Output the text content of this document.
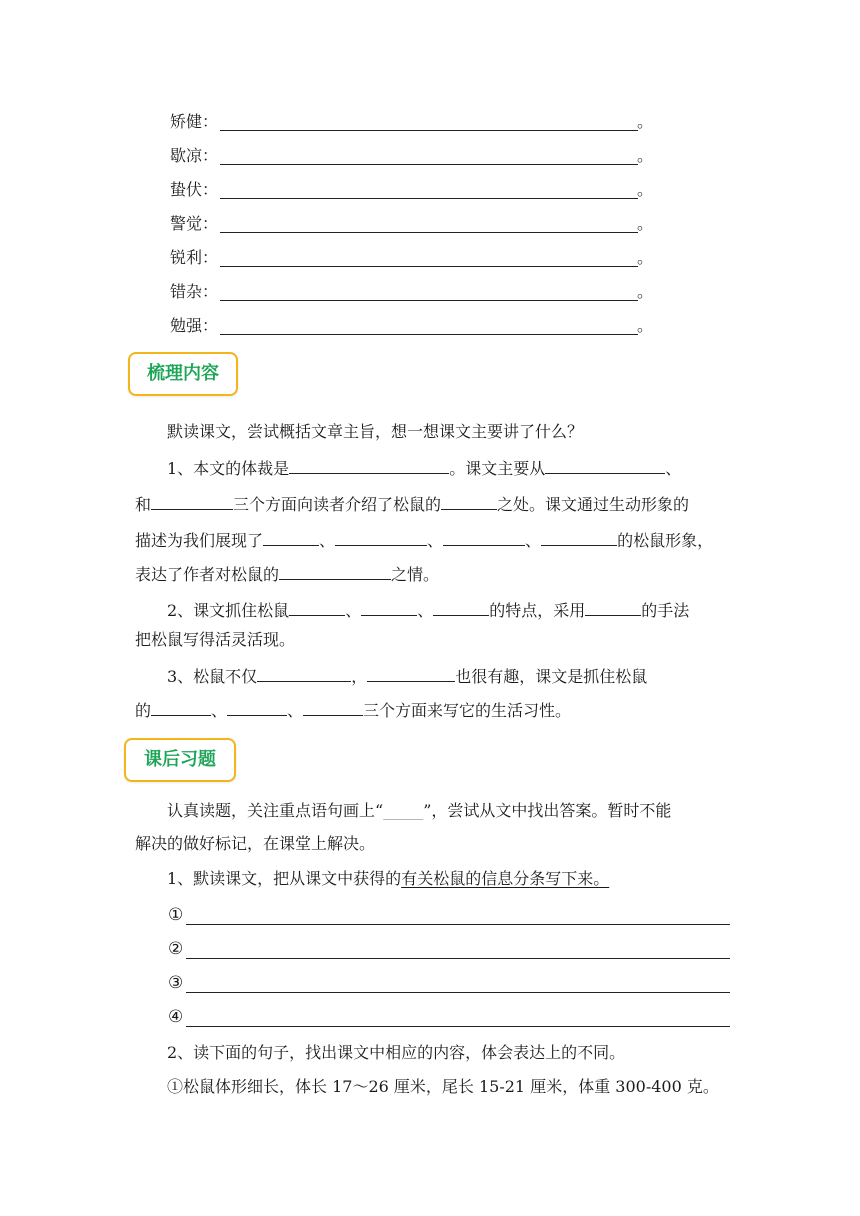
矫健：	。
歇凉：	。
蛰伏：	。
警觉：	。
锐利：	。
错杂：	。
勉强：	。
梳理内容
默读课文，尝试概括文章主旨，想一想课文主要讲了什么？
1、本文的体裁是	。课文主要从	、
和	三个方面向读者介绍了松鼠的	之处。课文通过生动形象的
描述为我们展现了	、	、	、	的松鼠形象，
表达了作者对松鼠的	之情。
2、课文抓住松鼠	、	、	的特点，采用	的手法
把松鼠写得活灵活现。
3、松鼠不仅	，	也很有趣，课文是抓住松鼠
的	、	、	三个方面来写它的生活习性。
课后习题
认真读题，关注重点语句画上“_____”，尝试从文中找出答案。暂时不能
解决的做好标记，在课堂上解决。
1、默读课文，把从课文中获得的有关松鼠的信息分条写下来。
①
②
③
④
2、读下面的句子，找出课文中相应的内容，体会表达上的不同。
①松鼠体形细长，体长 17～26 厘米，尾长 15-21 厘米，体重 300-400 克。
